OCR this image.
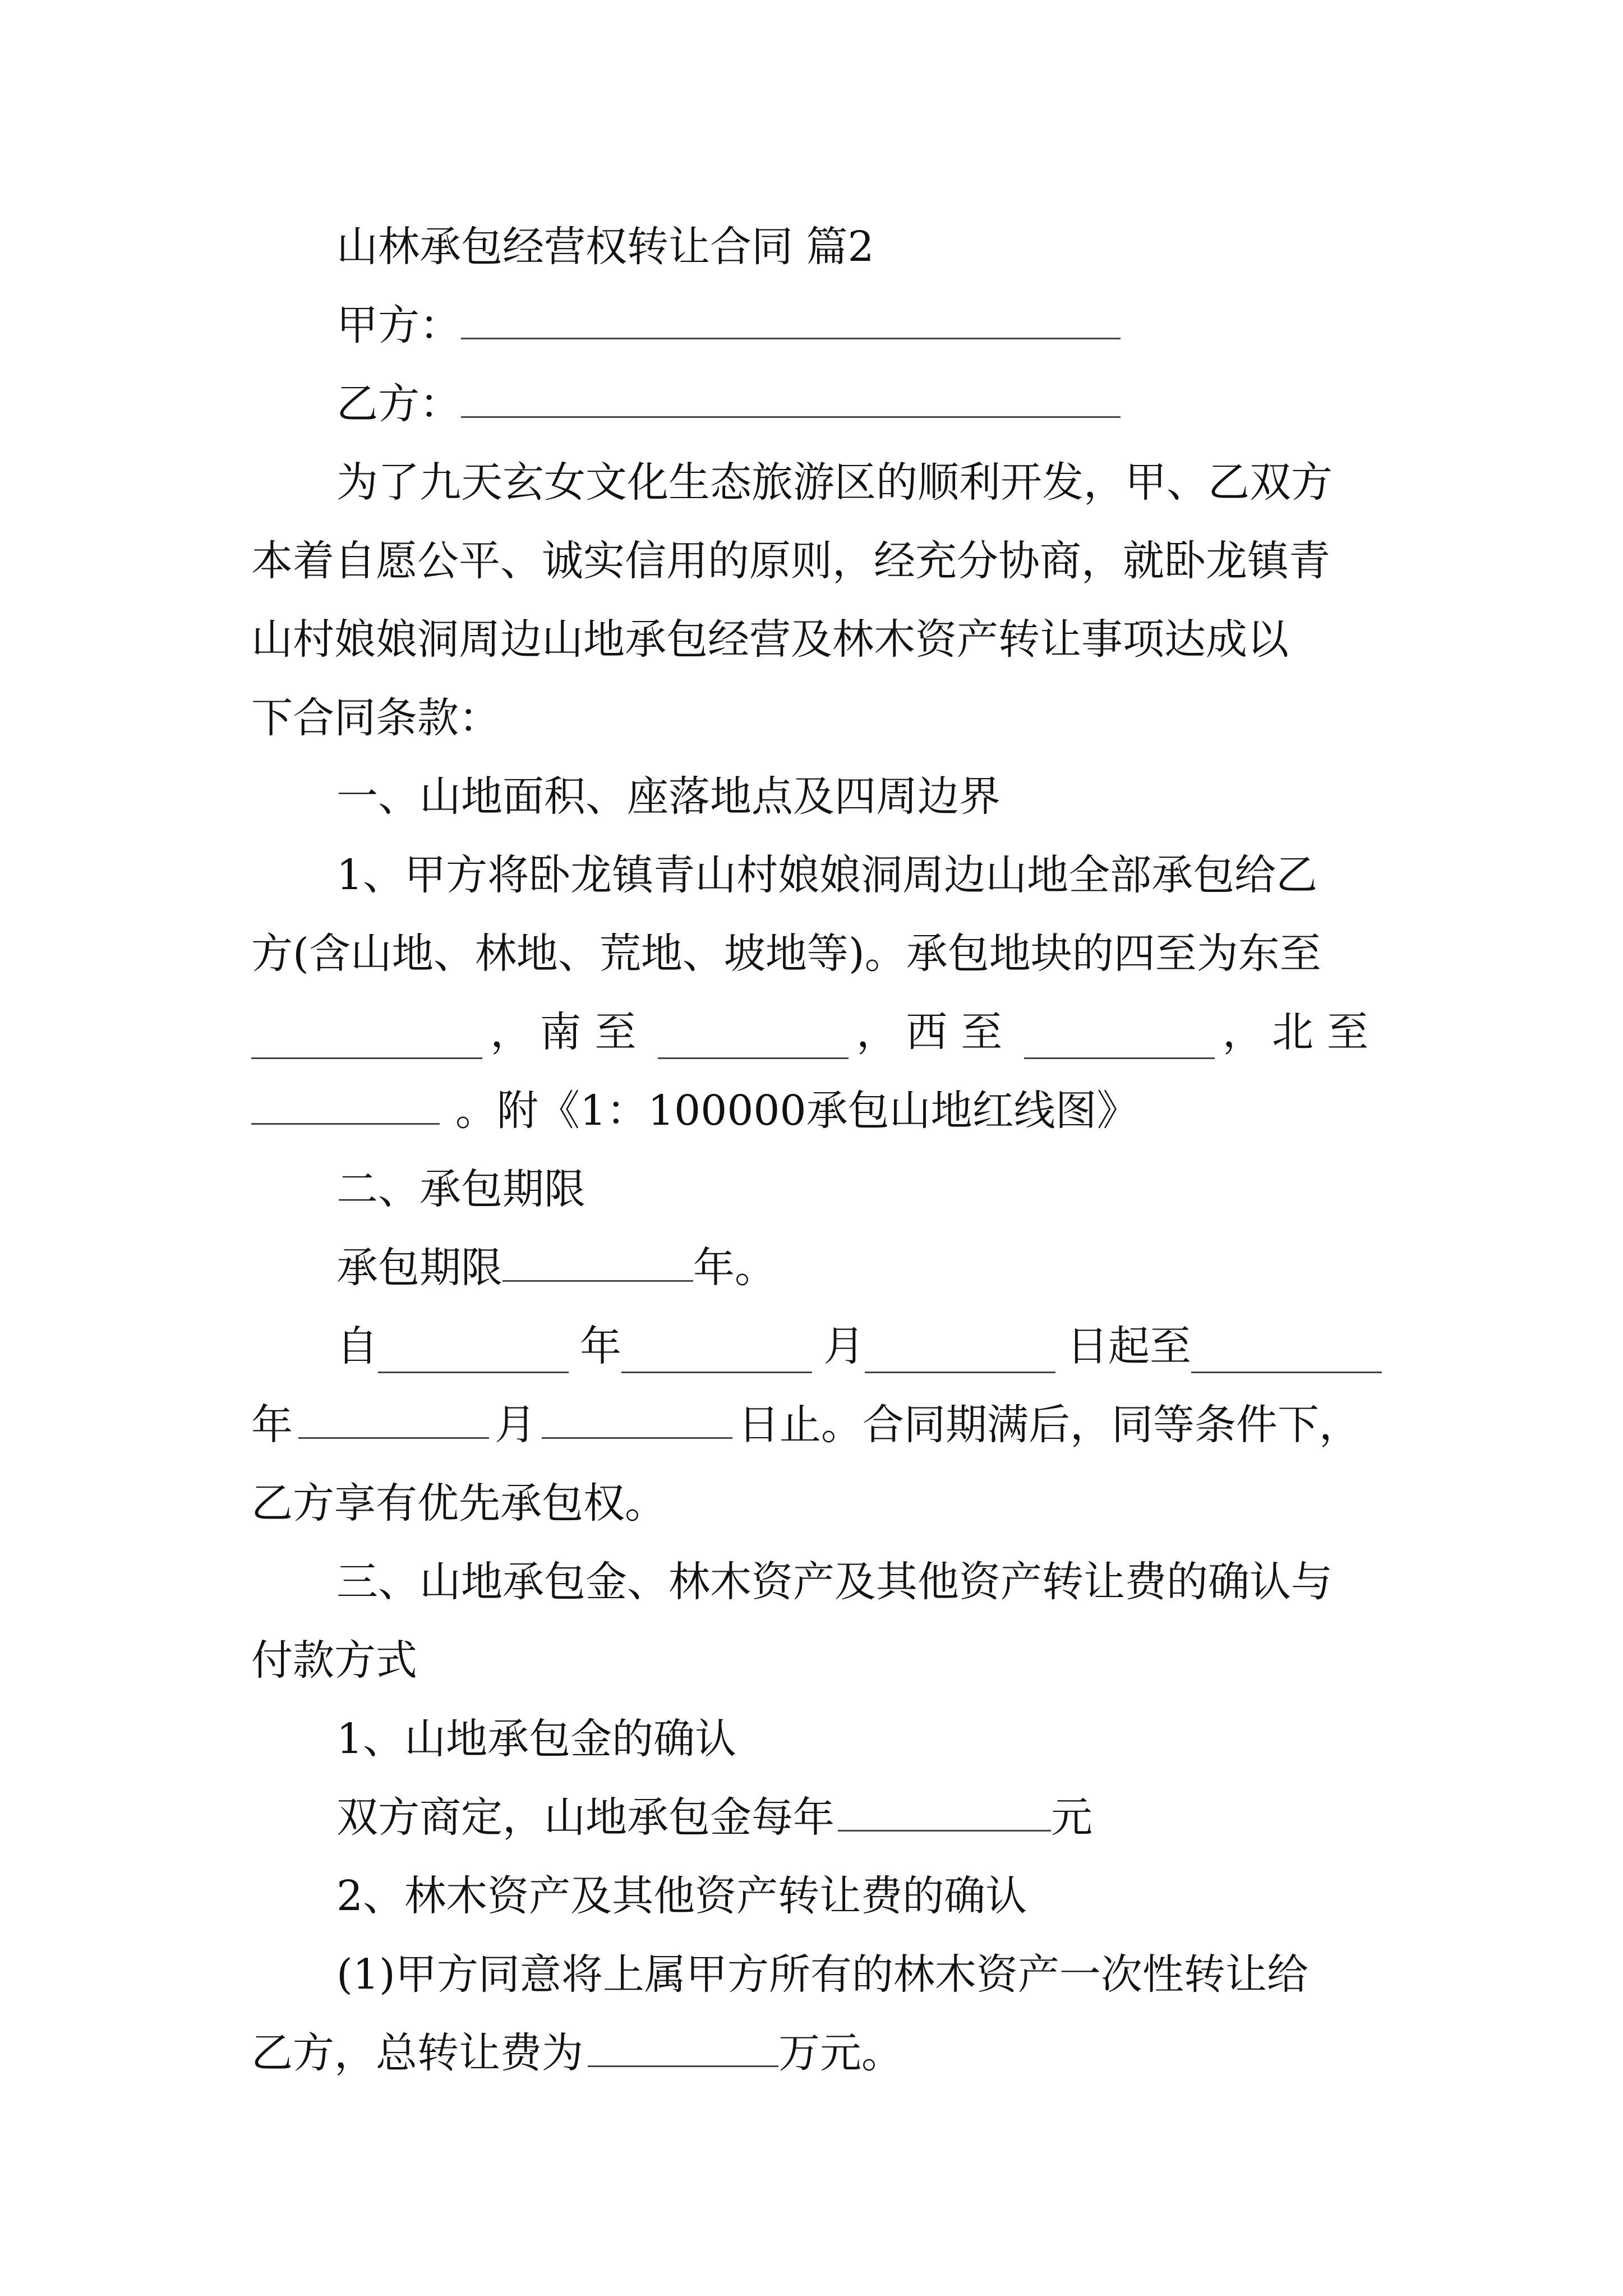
山林承包经营权转让合同 篇2
甲方：
乙方：
为了九天玄女文化生态旅游区的顺利开发，甲、乙双方
本着自愿公平、诚实信用的原则，经充分协商，就卧龙镇青
山村娘娘洞周边山地承包经营及林木资产转让事项达成以
下合同条款：
一、山地面积、座落地点及四周边界
1、甲方将卧龙镇青山村娘娘洞周边山地全部承包给乙
方(含山地、林地、荒地、坡地等)。承包地块的四至为东至
， 南至	， 西至	， 北至
。附《1：100000承包山地红线图》
二、承包期限
承包期限	年。
自	年	月	日起至
年	月	日止。合同期满后，同等条件下，
乙方享有优先承包权。
三、山地承包金、林木资产及其他资产转让费的确认与
付款方式
1、山地承包金的确认
双方商定，山地承包金每年	元
2、林木资产及其他资产转让费的确认
(1)甲方同意将上属甲方所有的林木资产一次性转让给
乙方，总转让费为	万元。
